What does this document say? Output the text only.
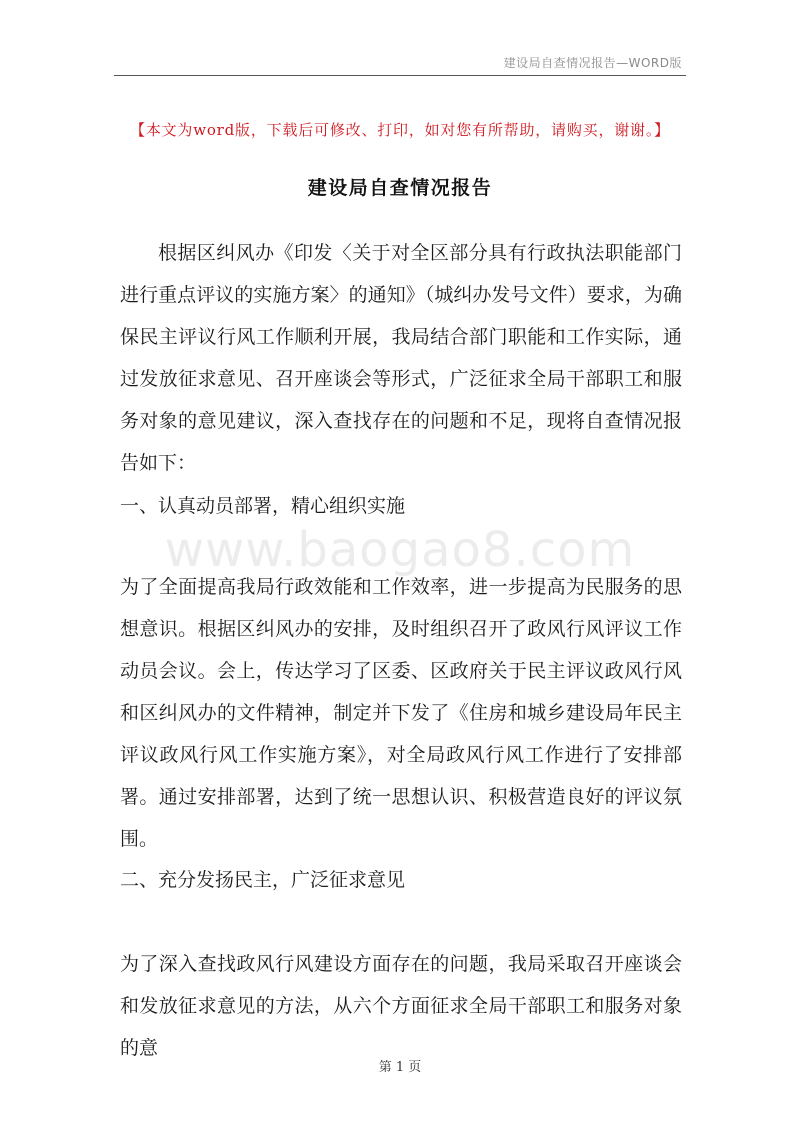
建设局自查情况报告—WORD版
【本文为word版，下载后可修改、打印，如对您有所帮助，请购买，谢谢。】
建设局自查情况报告
根据区纠风办《印发〈关于对全区部分具有行政执法职能部门进行重点评议的实施方案〉的通知》（城纠办发号文件）要求，为确保民主评议行风工作顺利开展，我局结合部门职能和工作实际，通过发放征求意见、召开座谈会等形式，广泛征求全局干部职工和服务对象的意见建议，深入查找存在的问题和不足，现将自查情况报告如下：
一、认真动员部署，精心组织实施
www.baogao8.com
为了全面提高我局行政效能和工作效率，进一步提高为民服务的思想意识。根据区纠风办的安排，及时组织召开了政风行风评议工作动员会议。会上，传达学习了区委、区政府关于民主评议政风行风和区纠风办的文件精神，制定并下发了《住房和城乡建设局年民主评议政风行风工作实施方案》，对全局政风行风工作进行了安排部署。通过安排部署，达到了统一思想认识、积极营造良好的评议氛围。
二、充分发扬民主，广泛征求意见
为了深入查找政风行风建设方面存在的问题，我局采取召开座谈会和发放征求意见的方法，从六个方面征求全局干部职工和服务对象的意
第 1 页
